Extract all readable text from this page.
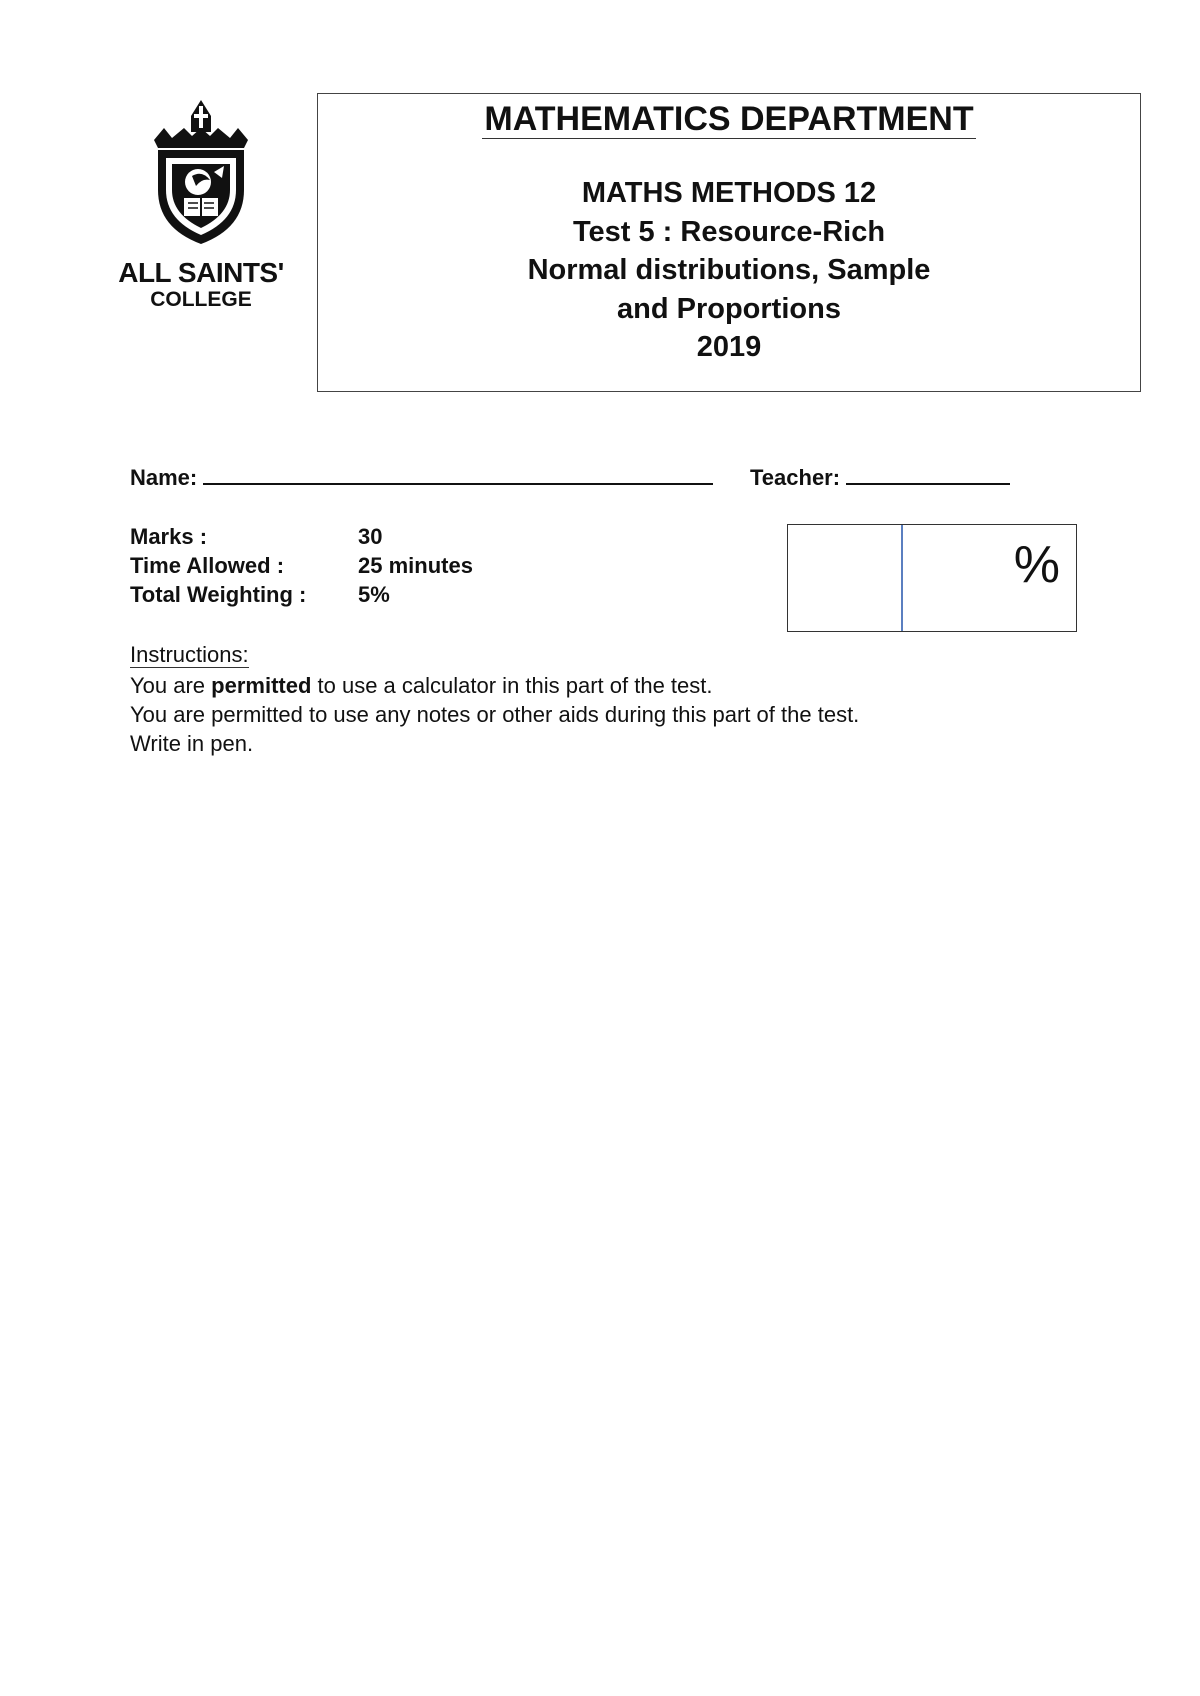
ALL SAINTS'
COLLEGE
MATHEMATICS DEPARTMENT
MATHS METHODS 12
Test 5 : Resource-Rich
Normal distributions, Sample
and Proportions
2019
Name:	Teacher:
Marks :	30
Time Allowed :	25 minutes
Total Weighting : 5%
%
Instructions:
You are permitted to use a calculator in this part of the test.
You are permitted to use any notes or other aids during this part of the test.
Write in pen.
